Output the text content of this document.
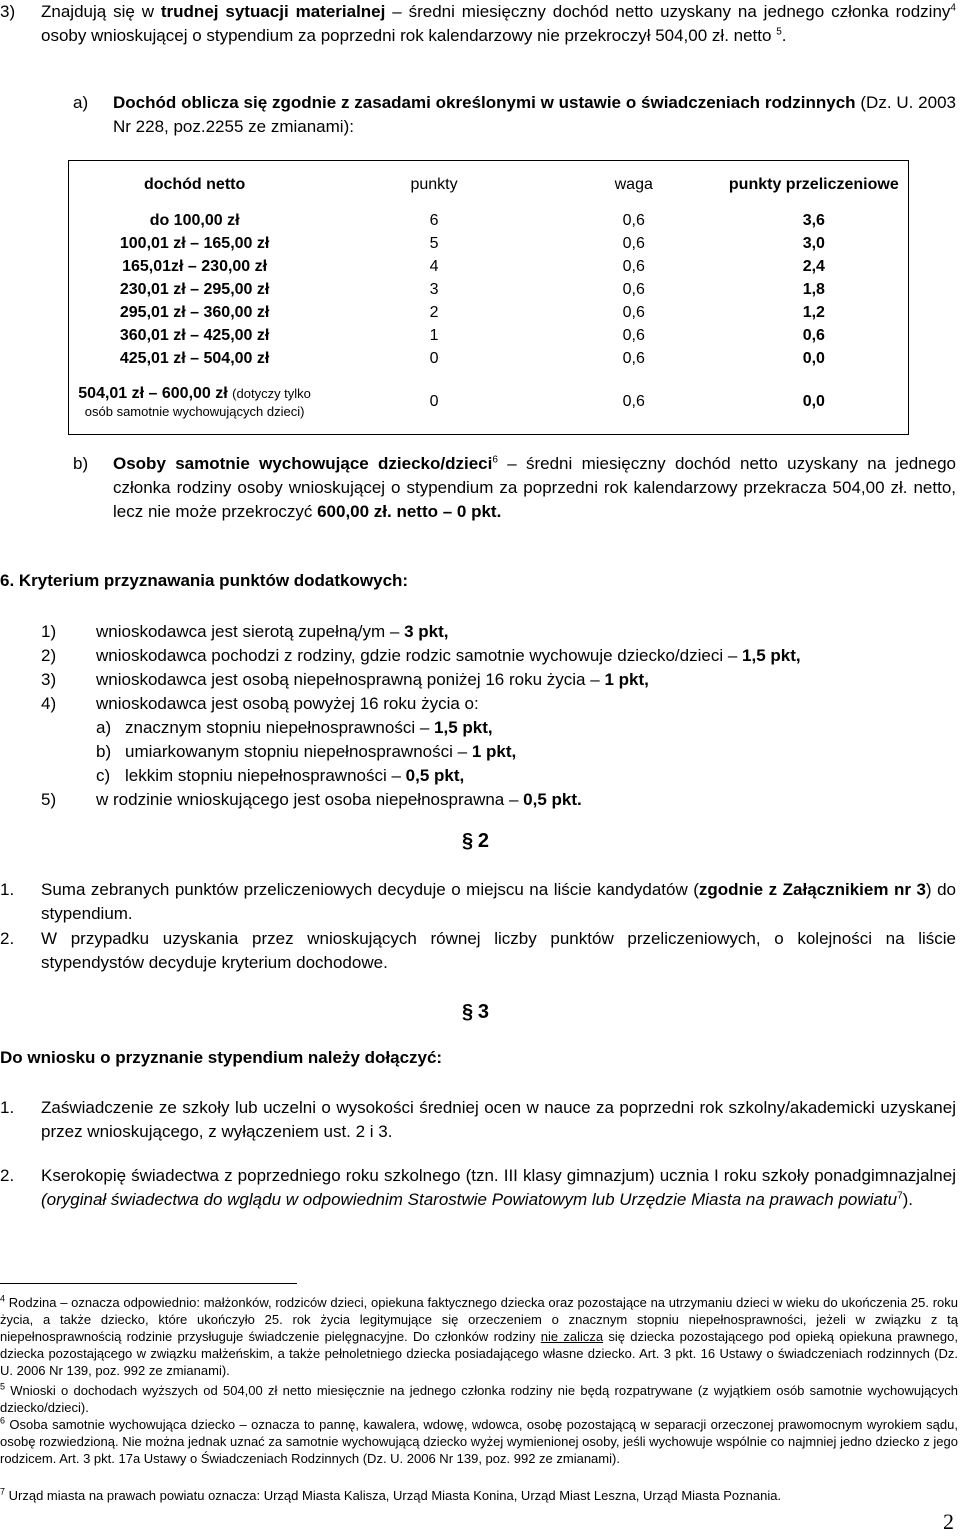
3)	Znajdują się w trudnej sytuacji materialnej – średni miesięczny dochód netto uzyskany na jednego członka rodziny$^4$ osoby wnioskującej o stypendium za poprzedni rok kalendarzowy nie przekroczył 504,00 zł. netto $^5$.
a) Dochód oblicza się zgodnie z zasadami określonymi w ustawie o świadczeniach rodzinnych (Dz. U. 2003 Nr 228, poz.2255 ze zmianami):
dochód netto	punkty	waga	punkty przeliczeniowe
do 100,00 zł	6	0,6	3,6
100,01 zł – 165,00 zł	5	0,6	3,0
165,01zł – 230,00 zł	4	0,6	2,4
230,01 zł – 295,00 zł	3	0,6	1,8
295,01 zł – 360,00 zł	2	0,6	1,2
360,01 zł – 425,00 zł	1	0,6	0,6
425,01 zł – 504,00 zł	0	0,6	0,0
504,01 zł – 600,00 zł (dotyczy tylko osób samotnie wychowujących dzieci)	0	0,6	0,0
b) Osoby samotnie wychowujące dziecko/dzieci$^6$ – średni miesięczny dochód netto uzyskany na jednego członka rodziny osoby wnioskującej o stypendium za poprzedni rok kalendarzowy przekracza 504,00 zł. netto, lecz nie może przekroczyć 600,00 zł. netto – 0 pkt.
6. Kryterium przyznawania punktów dodatkowych:
1) wnioskodawca jest sierotą zupełną/ym – 3 pkt,
2) wnioskodawca pochodzi z rodziny, gdzie rodzic samotnie wychowuje dziecko/dzieci – 1,5 pkt,
3) wnioskodawca jest osobą niepełnosprawną poniżej 16 roku życia – 1 pkt,
4) wnioskodawca jest osobą powyżej 16 roku życia o:
a) znacznym stopniu niepełnosprawności – 1,5 pkt,
b) umiarkowanym stopniu niepełnosprawności – 1 pkt,
c) lekkim stopniu niepełnosprawności – 0,5 pkt,
5) w rodzinie wnioskującego jest osoba niepełnosprawna – 0,5 pkt.
§ 2
1. Suma zebranych punktów przeliczeniowych decyduje o miejscu na liście kandydatów (zgodnie z Załącznikiem nr 3) do stypendium.
2. W przypadku uzyskania przez wnioskujących równej liczby punktów przeliczeniowych, o kolejności na liście stypendystów decyduje kryterium dochodowe.
§ 3
Do wniosku o przyznanie stypendium należy dołączyć:
1. Zaświadczenie ze szkoły lub uczelni o wysokości średniej ocen w nauce za poprzedni rok szkolny/akademicki uzyskanej przez wnioskującego, z wyłączeniem ust. 2 i 3.
2. Kserokopię świadectwa z poprzedniego roku szkolnego (tzn. III klasy gimnazjum) ucznia I roku szkoły ponadgimnazjalnej (oryginał świadectwa do wglądu w odpowiednim Starostwie Powiatowym lub Urzędzie Miasta na prawach powiatu$^7$).
$^4$ Rodzina – oznacza odpowiednio: małżonków, rodziców dzieci, opiekuna faktycznego dziecka oraz pozostające na utrzymaniu dzieci w wieku do ukończenia 25. roku życia, a także dziecko, które ukończyło 25. rok życia legitymujące się orzeczeniem o znacznym stopniu niepełnosprawności, jeżeli w związku z tą niepełnosprawnością rodzinie przysługuje świadczenie pielęgnacyjne. Do członków rodziny nie zalicza się dziecka pozostającego pod opieką opiekuna prawnego, dziecka pozostającego w związku małżeńskim, a także pełnoletniego dziecka posiadającego własne dziecko. Art. 3 pkt. 16 Ustawy o świadczeniach rodzinnych (Dz. U. 2006 Nr 139, poz. 992 ze zmianami).
$^5$ Wnioski o dochodach wyższych od 504,00 zł netto miesięcznie na jednego członka rodziny nie będą rozpatrywane (z wyjątkiem osób samotnie wychowujących dziecko/dzieci).
$^6$ Osoba samotnie wychowująca dziecko – oznacza to pannę, kawalera, wdowę, wdowca, osobę pozostającą w separacji orzeczonej prawomocnym wyrokiem sądu, osobę rozwiedzioną. Nie można jednak uznać za samotnie wychowującą dziecko wyżej wymienionej osoby, jeśli wychowuje wspólnie co najmniej jedno dziecko z jego rodzicem. Art. 3 pkt. 17a Ustawy o Świadczeniach Rodzinnych (Dz. U. 2006 Nr 139, poz. 992 ze zmianami).
$^7$ Urząd miasta na prawach powiatu oznacza: Urząd Miasta Kalisza, Urząd Miasta Konina, Urząd Miast Leszna, Urząd Miasta Poznania.
2
